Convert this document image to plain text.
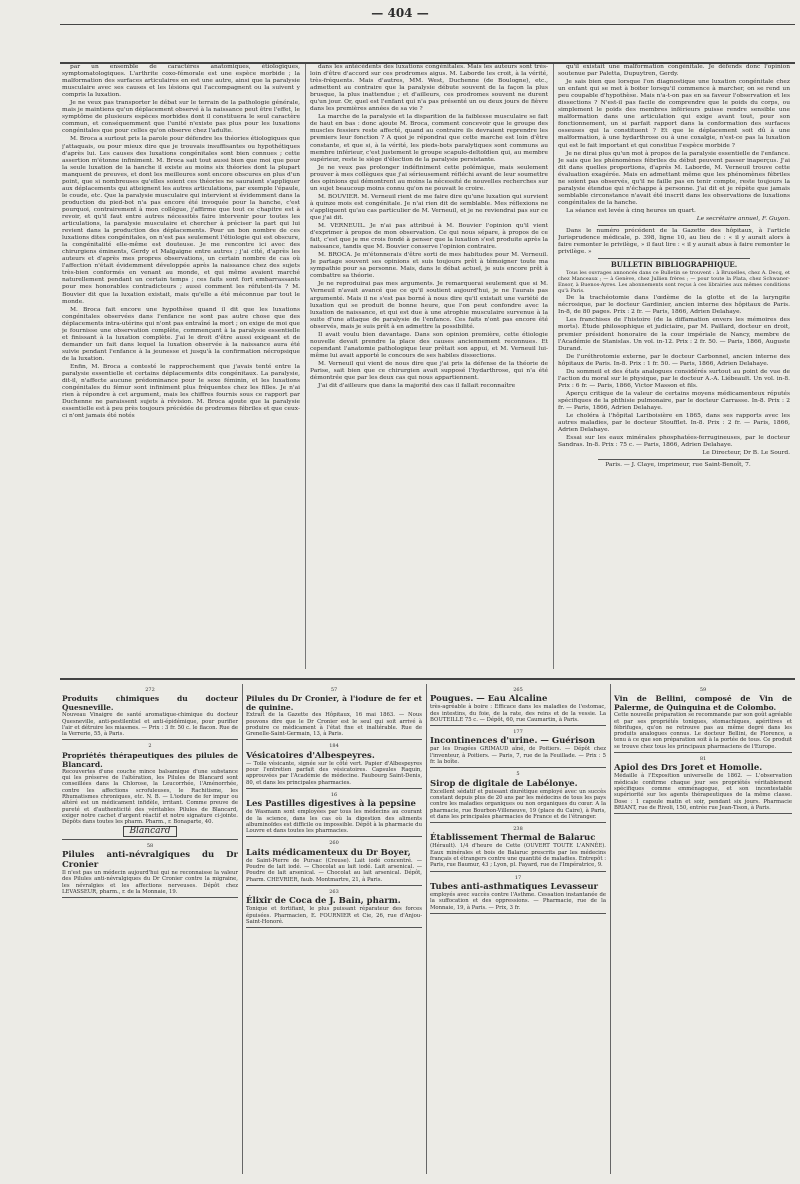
— 404 —

par un ensemble de caractères anatomiques, étiologiques, symptomatologiques. L'arthrite coxo-fémorale est une espèce morbide ; la malformation des surfaces articulaires en est une autre, ainsi que la paralysie musculaire avec ses causes et les lésions qui l'accompagnent ou la suivent y compris la luxation.

Je ne veux pas transporter le débat sur le terrain de la pathologie générale, mais je maintiens qu'un déplacement observé à la naissance peut être l'effet, le symptôme de plusieurs espèces morbides dont il constituera le seul caractère commun, et conséquemment que l'unité n'existe pas plus pour les luxations congénitales que pour celles qu'on observe chez l'adulte.

M. Broca a surtout pris la parole pour défendre les théories étiologiques que j'attaquais, ou pour mieux dire que je trouvais insuffisantes ou hypothétiques d'après lui. Les causes des luxations congénitales sont bien connues ; cette assertion m'étonne infiniment. M. Broca sait tout aussi bien que moi que pour la seule luxation de la hanche il existe au moins six théories dont la plupart manquent de preuves, et dont les meilleures sont encore obscures en plus d'un point, que si nombreuses qu'elles soient ces théories ne sauraient s'appliquer aux déplacements qui atteignent les autres articulations, par exemple l'épaule, le coude, etc. Que la paralysie musculaire qui intervient si évidemment dans la production du pied-bot n'a pas encore été invoquée pour la hanche, c'est pourquoi, contrairement à mon collègue, j'affirme que tout ce chapitre est à revoir, et qu'il faut entre autres nécessités faire intervenir pour toutes les articulations, la paralysie musculaire et chercher à préciser la part qui lui revient dans la production des déplacements. Pour un bon nombre de ces luxations dites congénitales, on n'est pas seulement l'étiologie qui est obscure, la congénitalité elle-même est douteuse. Je me rencontre ici avec des chirurgiens éminents, Gerdy et Malgaigne entre autres ; j'ai cité, d'après les auteurs et d'après mes propres observations, un certain nombre de cas où l'affection n'était évidemment développée après la naissance chez des sujets très-bien conformés en venant au monde, et qui même avaient marché naturellement pendant un certain temps ; ces faits sont fort embarrassants pour mes honorables contradicteurs ; aussi comment les réfutent-ils ? M. Bouvier dit que la luxation existait, mais qu'elle a été méconnue par tout le monde.

M. Broca fait encore une hypothèse quand il dit que les luxations congénitales observées dans l'enfance ne sont pas autre chose que des déplacements intra-utérins qui n'ont pas entraîné la mort ; on exige de moi que je fournisse une observation complète, commençant à la paralysie essentielle et finissant à la luxation complète. J'ai le droit d'être aussi exigeant et de demander un fait dans lequel la luxation observée à la naissance aura été suivie pendant l'enfance à la jeunesse et jusqu'à la confirmation nécropsique de la luxation.

Enfin, M. Broca a contesté le rapprochement que j'avais tenté entre la paralysie essentielle et certains déplacements dits congénitaux. La paralysie, dit-il, n'affecte aucune prédominance pour le sexe féminin, et les luxations congénitales du fémur sont infiniment plus fréquentes chez les filles. Je n'ai rien à répondre à cet argument, mais les chiffres fournis sous ce rapport par Duchenne ne paraissent sujets à révision. M. Broca ajoute que la paralysie essentielle est à peu près toujours précédée de prodromes fébriles et que ceux-ci n'ont jamais été notés

dans les antécédents des luxations congénitales. Mais les auteurs sont très-loin d'être d'accord sur ces prodromes aigus. M. Laborde les croit, à la vérité, très-fréquents. Mais d'autres, MM. West, Duchenne (de Boulogne), etc., admettent au contraire que la paralysie débute souvent de la façon la plus brusque, la plus inattendue ; et d'ailleurs, ces prodromes souvent ne durent qu'un jour. Or, quel est l'enfant qui n'a pas présenté un ou deux jours de fièvre dans les premières années de sa vie ?

La marche de la paralysie et la disparition de la faiblesse musculaire se fait de haut en bas : donc ajoute M. Broca, comment concevoir que le groupe des muscles fessiers reste affecté, quand au contraire ils devraient reprendre les premiers leur fonction ? A quoi je répondrai que cette marche est loin d'être constante, et que si, à la vérité, les pieds-bots paralytiques sont communs au membre inférieur, c'est justement le groupe scapulo-deltoïdien qui, au membre supérieur, reste le siège d'élection de la paralysie persistante.

Je ne veux pas prolonger indéfiniment cette polémique, mais seulement prouver à mes collègues que j'ai sérieusement réfléchi avant de leur soumettre des opinions qui démontrent au moins la nécessité de nouvelles recherches sur un sujet beaucoup moins connu qu'on ne pouvait le croire.

M. BOUVIER. M. Verneuil rient de me faire dire qu'une luxation qui survient à quinze mois est congénitale. Je n'ai rien dit de semblable. Mes réflexions ne s'appliquent qu'au cas particulier de M. Verneuil, et je ne reviendrai pas sur ce que j'ai dit.

M. VERNEUIL. Je n'ai pas attribué à M. Bouvier l'opinion qu'il vient d'exprimer à propos de mon observation. Ce qui nous sépare, à propos de ce fait, c'est que je me crois fondé à penser que la luxation s'est produite après la naissance, tandis que M. Bouvier conserve l'opinion contraire.

M. BROCA. Je m'étonnerais d'être sorti de mes habitudes pour M. Verneuil. Je partage souvent ses opinions et suis toujours prêt à témoigner toute ma sympathie pour sa personne. Mais, dans le débat actuel, je suis encore prêt à combattre sa théorie.

Je ne reproduirai pas mes arguments. Je remarquerai seulement que si M. Verneuil n'avait avancé que ce qu'il soutient aujourd'hui, je ne l'aurais pas argumenté. Mais il ne s'est pas borné à nous dire qu'il existait une variété de luxation qui se produit de bonne heure, que l'on peut confondre avec la luxation de naissance, et qui est due à une atrophie musculaire survenue à la suite d'une attaque de paralysie de l'enfance. Ces faits n'ont pas encore été observés, mais je suis prêt à en admettre la possibilité.

Il avait voulu bien davantage. Dans son opinion première, cette étiologie nouvelle devait prendre la place des causes anciennement reconnues. Et cependant l'anatomie pathologique leur prêtait son appui, et M. Verneuil lui-même lui avait apporté le concours de ses habiles dissections.

M. Verneuil qui vient de nous dire que j'ai pris la défense de la théorie de Parise, sait bien que ce chirurgien avait supposé l'hydarthrose, qui n'a été démontrée que par les deux cas qui nous appartiennent.

J'ai dit d'ailleurs que dans la majorité des cas il fallait reconnaître

qu'il existait une malformation congénitale. Je défends donc l'opinion soutenue par Paletta, Dupuytren, Gerdy.

Je sais bien que lorsque l'on diagnostique une luxation congénitale chez un enfant qui se met à boiter lorsqu'il commence à marcher, on se rend un peu coupable d'hypothèse. Mais n'a-t-on pas en sa faveur l'observation et les dissections ? N'est-il pas facile de comprendre que le poids du corps, ou simplement le poids des membres inférieurs puisse rendre sensible une malformation dans une articulation qui exige avant tout, pour son fonctionnement, un si parfait rapport dans la conformation des surfaces osseuses qui la constituent ? Et que le déplacement soit dû à une malformation, à une hydarthrose ou à une coxalgie, n'est-ce pas la luxation qui est le fait important et qui constitue l'espèce morbide ?

Je ne dirai plus qu'un mot à propos de la paralysie essentielle de l'enfance. Je sais que les phénomènes fébriles du début peuvent passer inaperçus. J'ai dit dans quelles proportions, d'après M. Laborde, M. Verneuil trouve cette évaluation exagérée. Mais en admettant même que les phénomènes fébriles ne soient pas observés, qu'il ne faille pas en tenir compte, reste toujours la paralysie étendue qui n'échappe à personne. J'ai dit et je répète que jamais semblable circonstance n'avait été inscrit dans les observations de luxations congénitales de la hanche.

La séance est levée à cinq heures un quart.

Le secrétaire annuel, F. Guyon.

Dans le numéro précédent de la Gazette des hôpitaux, à l'article Jurisprudence médicale, p. 398, ligne 10, au lieu de : « il y aurait alors à faire remonter le privilège, » il faut lire : « il y aurait abus à faire remonter le privilège. »

BULLETIN BIBLIOGRAPHIQUE.

Tous les ouvrages annoncés dans ce Bulletin se trouvent : à Bruxelles, chez A. Decq, et chez Manceaux ; — à Genève, chez Jullien frères ; — pour toute la Plata, chez Schwaner-Ensor, à Buenos-Ayres. Les abonnements sont reçus à ces librairies aux mêmes conditions qu'à Paris.

De la trachéotomie dans l'œdème de la glotte et de la laryngite nécrosique, par le docteur Gardinier, ancien interne des hôpitaux de Paris. In-8, de 80 pages. Prix : 2 fr. — Paris, 1866, Adrien Delahaye.

Les franchises de l'histoire (de la diffamation envers les mémoires des morts). Étude philosophique et judiciaire, par M. Paillard, docteur en droit, premier président honoraire de la cour impériale de Nancy, membre de l'Académie de Stanislas. Un vol. in-12. Prix : 2 fr. 50. — Paris, 1866, Auguste Durand.

De l'uréthrotomie externe, par le docteur Carbonnel, ancien interne des hôpitaux de Paris. In-8. Prix : 1 fr. 50. — Paris, 1866, Adrien Delahaye.

Du sommeil et des états analogues considérés surtout au point de vue de l'action du moral sur le physique, par le docteur A.-A. Liébeault. Un vol. in-8. Prix : 6 fr. — Paris, 1866, Victor Masson et fils.

Aperçu critique de la valeur de certains moyens médicamenteux réputés spécifiques de la phthisie pulmonaire, par le docteur Carrasse. In-8. Prix : 2 fr. — Paris, 1866, Adrien Delahaye.

Le choléra à l'hôpital Lariboisière en 1865, dans ses rapports avec les autres maladies, par le docteur Stoufflet. In-8. Prix : 2 fr. — Paris, 1866, Adrien Delahaye.

Essai sur les eaux minérales phosphatées-ferrugineuses, par le docteur Sandras. In-8. Prix : 75 c. — Paris, 1866, Adrien Delahaye.

Le Directeur, Dr B. Le Sourd.

Paris. — J. Claye, imprimeur, rue Saint-Benoît, 7.

272
Produits chimiques du docteur Quesneville.

Nouveau Vinaigre de santé aromatique-chimique du docteur Quesneville, anti-pestilentiel et anti-épidémique, pour purifier l'air et détruire les miasmes. — Prix : 3 fr. 50 c. le flacon. Rue de la Verrerie, 55, à Paris.

2
Propriétés thérapeutiques des pilules de Blancard.

Recouvertes d'une couche mince balsamique d'une substance qui les préserve de l'altération, les Pilules de Blancard sont conseillées dans la Chlorose, la Leucorrhée, l'Aménorrhée, contre les affections scrofuleuses, le Rachitisme, les Rhumatismes chroniques, etc. N. B. — L'iodure de fer impur ou altéré est un médicament infidèle, irritant. Comme preuve de pureté et d'authenticité des véritables Pilules de Blancard, exiger notre cachet d'argent réactif et notre signature ci-jointe. Dépôts dans toutes les pharm. Pharm., r. Bonaparte, 40.

Blancard
58
Pilules anti-névralgiques du Dr Cronier

Il n'est pas un médecin aujourd'hui qui ne reconnaisse la valeur des Pilules anti-névralgiques du Dr Cronier contre la migraine, les névralgies et les affections nerveuses. Dépôt chez LEVASSEUR, pharm., r. de la Monnaie, 19.

57
Pilules du Dr Cronier, à l'iodure de fer et de quinine.

Extrait de la Gazette des Hôpitaux, 16 mai 1863. — Nous pouvons dire que le Dr Cronier est le seul qui soit arrivé à produire ce médicament à l'état fixe et inaltérable. Rue de Grenelle-Saint-Germain, 13, à Paris.

184
Vésicatoires d'Albespeyres.

— Toile vésicante, signée sur le côté vert. Papier d'Albespeyres pour l'entretien parfait des vésicatoires. Capsules Raquin, approuvées par l'Académie de médecine. Faubourg Saint-Denis, 80, et dans les principales pharmacies.

16
Les Pastilles digestives à la pepsine

de Wasmann sont employées par tous les médecins au courant de la science, dans les cas où la digestion des aliments albuminoïdes est difficile ou impossible. Dépôt à la pharmacie du Louvre et dans toutes les pharmacies.

260
Laits médicamenteux du Dr Boyer,

de Saint-Pierre de Pursac (Creuse). Lait iodé concentré. — Poudre de lait iodé. — Chocolat au lait iodé. Lait arsenical. — Poudre de lait arsenical. — Chocolat au lait arsenical. Dépôt, Pharm. CHEVRIER, faub. Montmartre, 21, à Paris.

263
Élixir de Coca de J. Bain, pharm.

Tonique et fortifiant, le plus puissant réparateur des forces épuisées. Pharmacien, E. FOURNIER et Cie, 26, rue d'Anjou-Saint-Honoré.

265
Pougues. — Eau Alcaline

très-agréable à boire : Efficace dans les maladies de l'estomac, des intestins, du foie, de la rate, des reins et de la vessie. La BOUTEILLE 75 c. — Dépôt, 60, rue Caumartin, à Paris.

177
Incontinences d'urine. — Guérison

par les Dragées GRIMAUD aîné, de Poitiers. — Dépôt chez l'inventeur, à Poitiers. — Paris, 7, rue de la Feuillade. — Prix : 5 fr. la boîte.

5
Sirop de digitale de Labélonye.

Excellent sédatif et puissant diurétique employé avec un succès constant depuis plus de 20 ans par les médecins de tous les pays contre les maladies organiques ou non organiques du cœur. A la pharmacie, rue Bourbon-Villeneuve, 19 (place du Caire), à Paris, et dans les principales pharmacies de France et de l'étranger.

238
Établissement Thermal de Balaruc

(Hérault). 1/4 d'heure de Cette (OUVERT TOUTE L'ANNÉE). Eaux minérales et bois de Balaruc prescrits par les médecins français et étrangers contre une quantité de maladies. Entrepôt : Paris, rue Baumur, 43 ; Lyon, pl. Fayard, rue de l'Impératrice, 9.

17
Tubes anti-asthmatiques Levasseur

employés avec succès contre l'Asthme. Cessation instantanée de la suffocation et des oppressions. — Pharmacie, rue de la Monnaie, 19, à Paris. — Prix, 3 fr.

59
Vin de Bellini, composé de Vin de Palerme, de Quinquina et de Colombo.

Cette nouvelle préparation se recommande par son goût agréable et par ses propriétés toniques, stomachiques, apéritives et fébrifuges, qu'on ne retrouve pas au même degré dans les produits analogues connus. Le docteur Bellini, de Florence, a tenu à ce que son préparation soit à la portée de tous. Ce produit se trouve chez tous les principaux pharmaciens de l'Europe.

81
Apiol des Drs Joret et Homolle.

Médaille à l'Exposition universelle de 1862. — L'observation médicale confirme chaque jour ses propriétés véritablement spécifiques comme emménagogue, et son incontestable supériorité sur les agents thérapeutiques de la même classe. Dose : 1 capsule matin et soir, pendant six jours. Pharmacie BRIANT, rue de Rivoli, 150, entrée rue Jean-Tison, à Paris.
